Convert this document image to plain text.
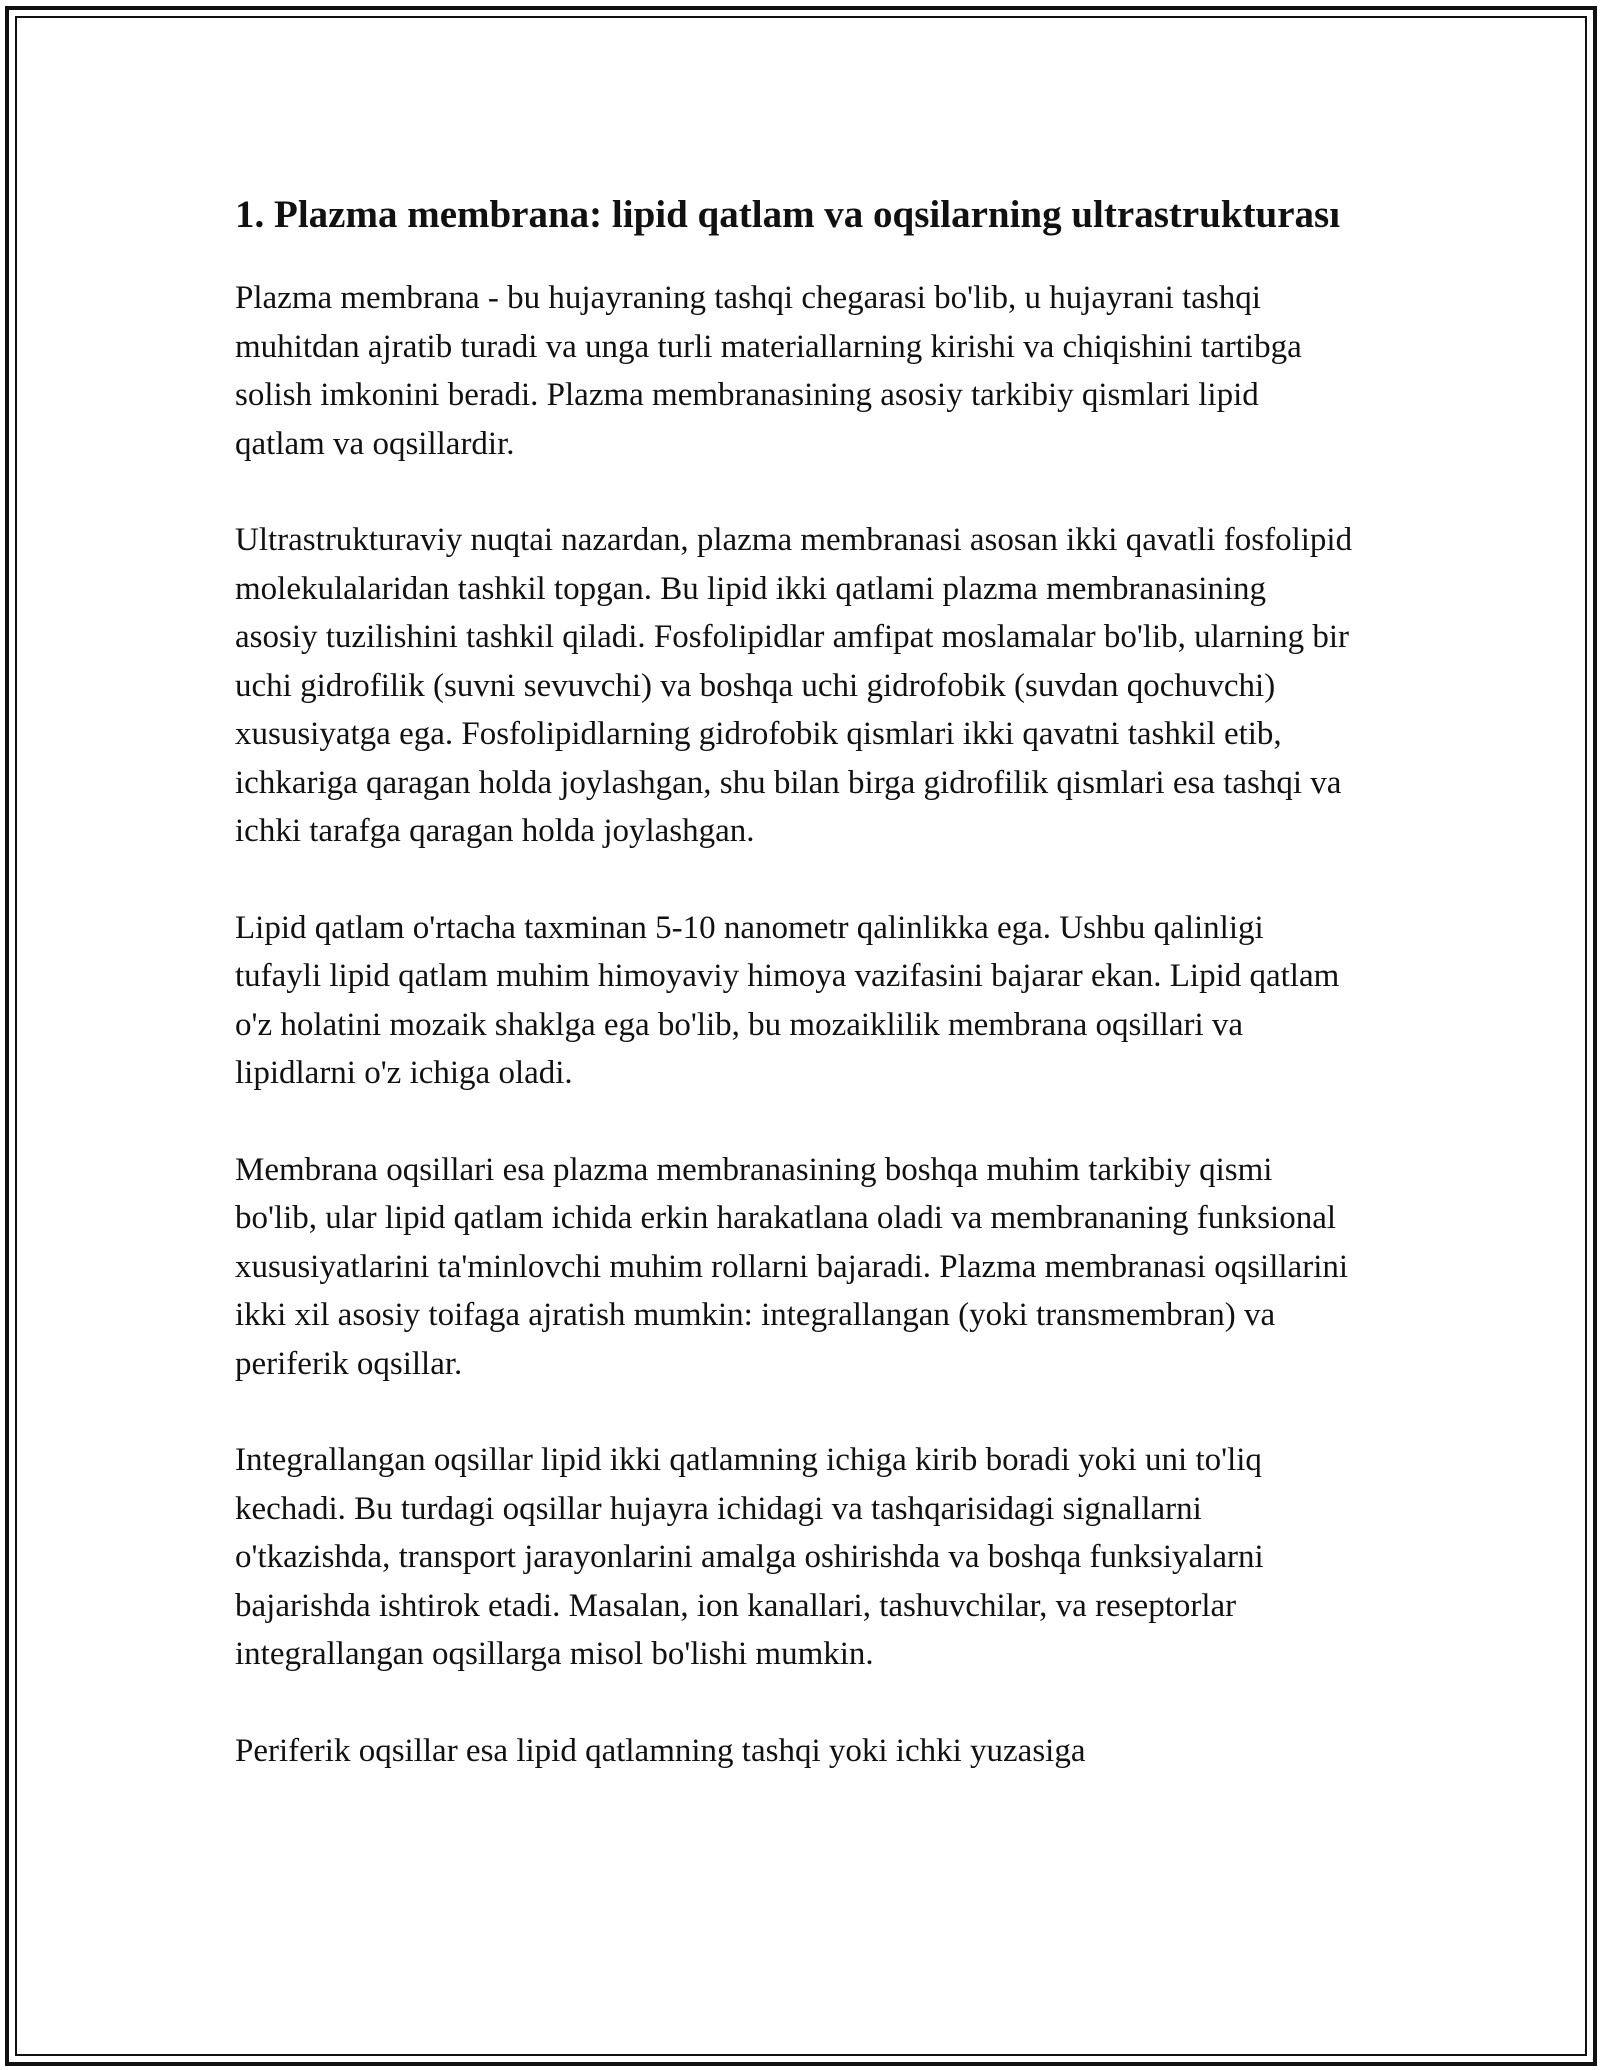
1. Plazma membrana: lipid qatlam va oqsilarning ultrastrukturası

Plazma membrana - bu hujayraning tashqi chegarasi bo'lib, u hujayrani tashqi muhitdan ajratib turadi va unga turli materiallarning kirishi va chiqishini tartibga solish imkonini beradi. Plazma membranasining asosiy tarkibiy qismlari lipid qatlam va oqsillardir.

Ultrastrukturaviy nuqtai nazardan, plazma membranasi asosan ikki qavatli fosfolipid molekulalaridan tashkil topgan. Bu lipid ikki qatlami plazma membranasining asosiy tuzilishini tashkil qiladi. Fosfolipidlar amfipat moslamalar bo'lib, ularning bir uchi gidrofilik (suvni sevuvchi) va boshqa uchi gidrofobik (suvdan qochuvchi) xususiyatga ega. Fosfolipidlarning gidrofobik qismlari ikki qavatni tashkil etib, ichkariga qaragan holda joylashgan, shu bilan birga gidrofilik qismlari esa tashqi va ichki tarafga qaragan holda joylashgan.

Lipid qatlam o'rtacha taxminan 5-10 nanometr qalinlikka ega. Ushbu qalinligi tufayli lipid qatlam muhim himoyaviy himoya vazifasini bajarar ekan. Lipid qatlam o'z holatini mozaik shaklga ega bo'lib, bu mozaiklilik membrana oqsillari va lipidlarni o'z ichiga oladi.

Membrana oqsillari esa plazma membranasining boshqa muhim tarkibiy qismi bo'lib, ular lipid qatlam ichida erkin harakatlana oladi va membrananing funksional xususiyatlarini ta'minlovchi muhim rollarni bajaradi. Plazma membranasi oqsillarini ikki xil asosiy toifaga ajratish mumkin: integrallangan (yoki transmembran) va periferik oqsillar.

Integrallangan oqsillar lipid ikki qatlamning ichiga kirib boradi yoki uni to'liq kechadi. Bu turdagi oqsillar hujayra ichidagi va tashqarisidagi signallarni o'tkazishda, transport jarayonlarini amalga oshirishda va boshqa funksiyalarni bajarishda ishtirok etadi. Masalan, ion kanallari, tashuvchilar, va reseptorlar integrallangan oqsillarga misol bo'lishi mumkin.

Periferik oqsillar esa lipid qatlamning tashqi yoki ichki yuzasiga
